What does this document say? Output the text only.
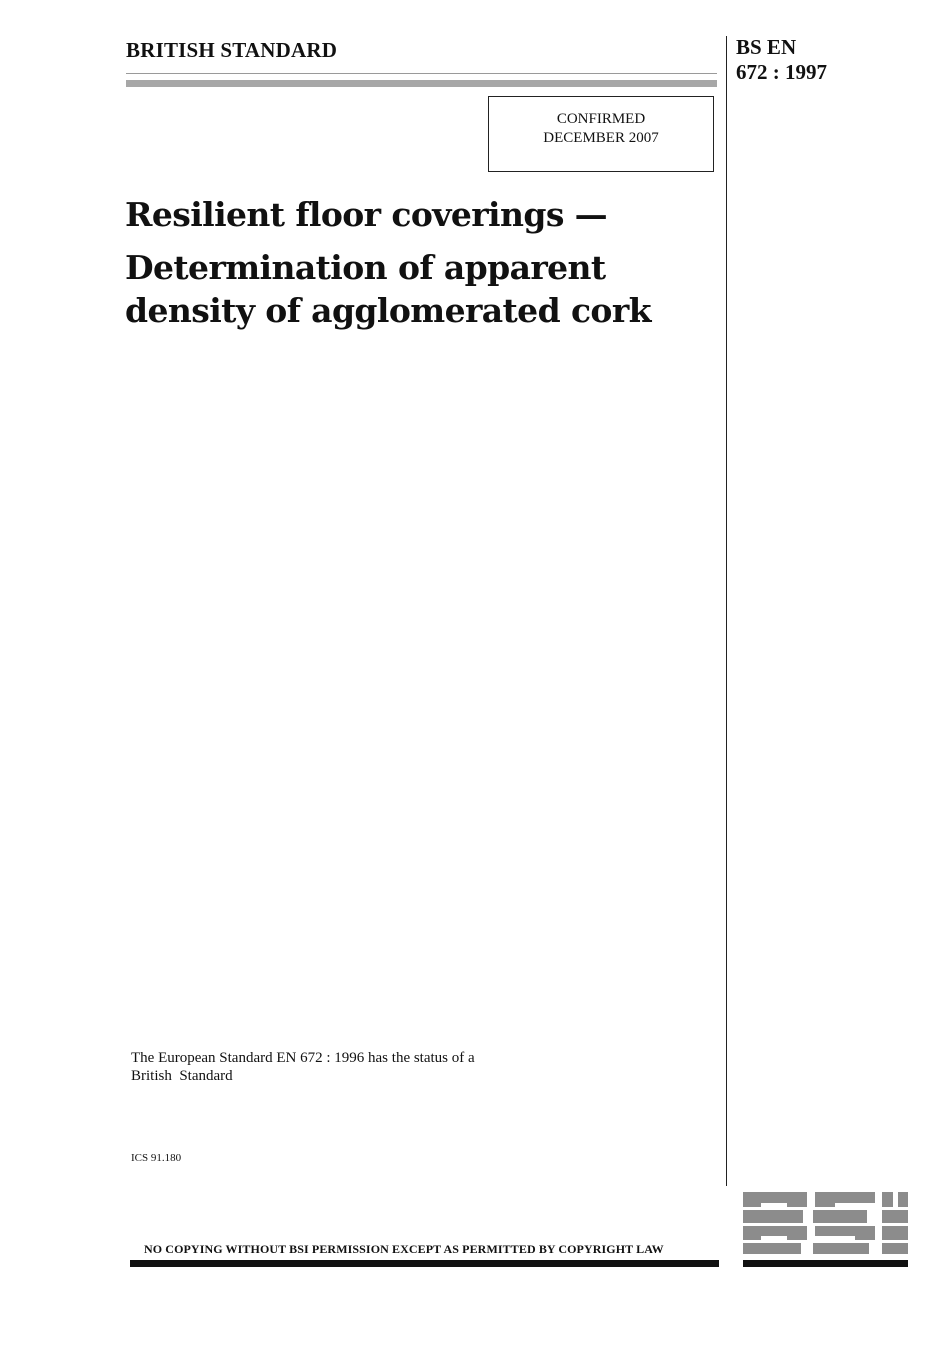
BRITISH STANDARD	BS EN
672 : 1997
CONFIRMED
DECEMBER 2007
Resilient floor coverings —
Determination of apparent
density of agglomerated cork
The European Standard EN 672 : 1996 has the status of a
British  Standard
ICS 91.180
NO COPYING WITHOUT BSI PERMISSION EXCEPT AS PERMITTED BY COPYRIGHT LAW
